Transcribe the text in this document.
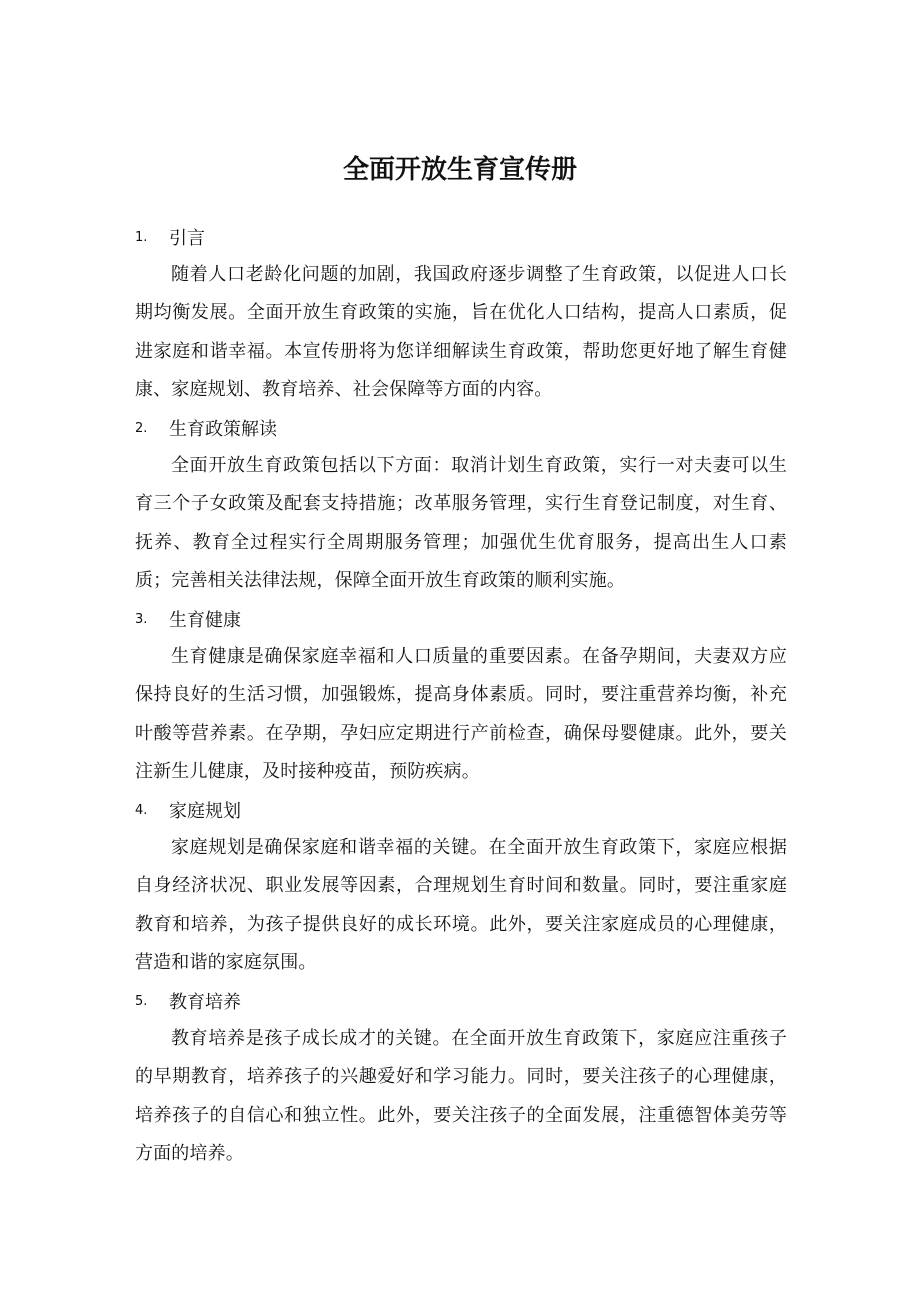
全面开放生育宣传册
1.	引言

随着人口老龄化问题的加剧，我国政府逐步调整了生育政策，以促进人口长期均衡发展。全面开放生育政策的实施，旨在优化人口结构，提高人口素质，促进家庭和谐幸福。本宣传册将为您详细解读生育政策，帮助您更好地了解生育健康、家庭规划、教育培养、社会保障等方面的内容。

2.	生育政策解读

全面开放生育政策包括以下方面：取消计划生育政策，实行一对夫妻可以生育三个子女政策及配套支持措施；改革服务管理，实行生育登记制度，对生育、抚养、教育全过程实行全周期服务管理；加强优生优育服务，提高出生人口素质；完善相关法律法规，保障全面开放生育政策的顺利实施。

3.	生育健康

生育健康是确保家庭幸福和人口质量的重要因素。在备孕期间，夫妻双方应保持良好的生活习惯，加强锻炼，提高身体素质。同时，要注重营养均衡，补充叶酸等营养素。在孕期，孕妇应定期进行产前检查，确保母婴健康。此外，要关注新生儿健康，及时接种疫苗，预防疾病。

4.	家庭规划

家庭规划是确保家庭和谐幸福的关键。在全面开放生育政策下，家庭应根据自身经济状况、职业发展等因素，合理规划生育时间和数量。同时，要注重家庭教育和培养，为孩子提供良好的成长环境。此外，要关注家庭成员的心理健康，营造和谐的家庭氛围。

5.	教育培养

教育培养是孩子成长成才的关键。在全面开放生育政策下，家庭应注重孩子的早期教育，培养孩子的兴趣爱好和学习能力。同时，要关注孩子的心理健康，培养孩子的自信心和独立性。此外，要关注孩子的全面发展，注重德智体美劳等方面的培养。
